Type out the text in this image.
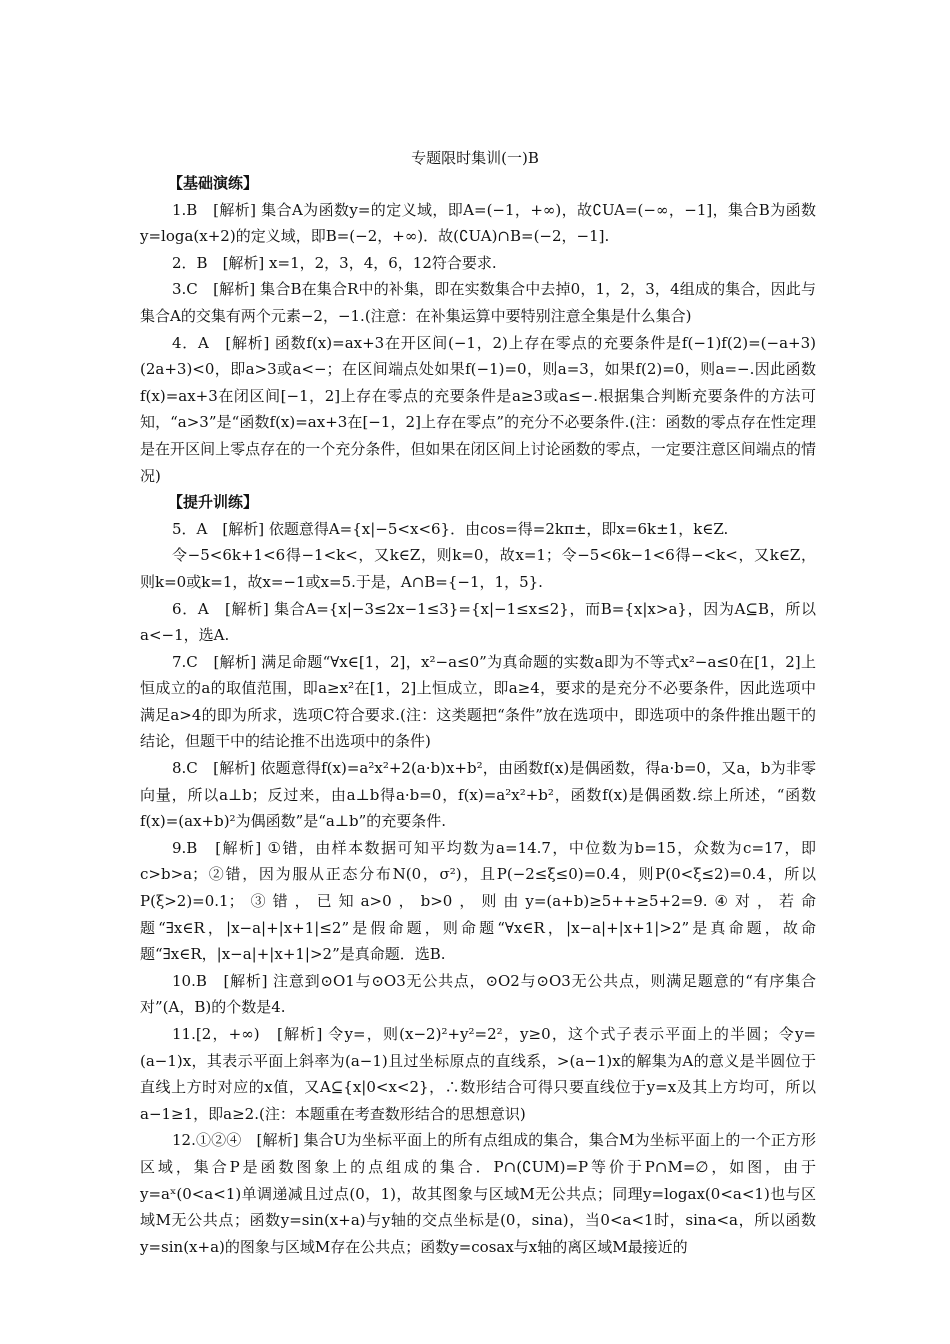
专题限时集训(一)B

【基础演练】

1.B　[解析] 集合A为函数y=的定义域，即A=(−1，+∞)，故∁UA=(−∞，−1]，集合B为函数y=loga(x+2)的定义域，即B=(−2，+∞)．故(∁UA)∩B=(−2，−1].

2．B　[解析] x=1，2，3，4，6，12符合要求.

3.C　[解析] 集合B在集合R中的补集，即在实数集合中去掉0，1，2，3，4组成的集合，因此与集合A的交集有两个元素−2，−1.(注意：在补集运算中要特别注意全集是什么集合)

4．A　[解析] 函数f(x)=ax+3在开区间(−1，2)上存在零点的充要条件是f(−1)f(2)=(−a+3)(2a+3)<0，即a>3或a<−；在区间端点处如果f(−1)=0，则a=3，如果f(2)=0，则a=−.因此函数f(x)=ax+3在闭区间[−1，2]上存在零点的充要条件是a≥3或a≤−.根据集合判断充要条件的方法可知，“a>3”是“函数f(x)=ax+3在[−1，2]上存在零点”的充分不必要条件.(注：函数的零点存在性定理是在开区间上零点存在的一个充分条件，但如果在闭区间上讨论函数的零点，一定要注意区间端点的情况)

【提升训练】

5．A　[解析] 依题意得A={x|−5<x<6}．由cos=得=2kπ±，即x=6k±1，k∈Z.

令−5<6k+1<6得−1<k<，又k∈Z，则k=0，故x=1；令−5<6k−1<6得−<k<，又k∈Z，则k=0或k=1，故x=−1或x=5.于是，A∩B={−1，1，5}.

6．A　[解析] 集合A={x|−3≤2x−1≤3}={x|−1≤x≤2}，而B={x|x>a}，因为A⊆B，所以a<−1，选A.

7.C　[解析] 满足命题“∀x∈[1，2]，x²−a≤0”为真命题的实数a即为不等式x²−a≤0在[1，2]上恒成立的a的取值范围，即a≥x²在[1，2]上恒成立，即a≥4，要求的是充分不必要条件，因此选项中满足a>4的即为所求，选项C符合要求.(注：这类题把“条件”放在选项中，即选项中的条件推出题干的结论，但题干中的结论推不出选项中的条件)

8.C　[解析] 依题意得f(x)=a²x²+2(a·b)x+b²，由函数f(x)是偶函数，得a·b=0，又a，b为非零向量，所以a⊥b；反过来，由a⊥b得a·b=0，f(x)=a²x²+b²，函数f(x)是偶函数.综上所述，“函数f(x)=(ax+b)²为偶函数”是“a⊥b”的充要条件.

9.B　[解析] ①错，由样本数据可知平均数为a=14.7，中位数为b=15，众数为c=17，即c>b>a；②错，因为服从正态分布N(0，σ²)，且P(−2≤ξ≤0)=0.4，则P(0<ξ≤2)=0.4，所以P(ξ>2)=0.1；③错，已知a>0，b>0，则由y=(a+b)≥5++≥5+2=9.④对，若命题“∃x∈R，|x−a|+|x+1|≤2”是假命题，则命题“∀x∈R，|x−a|+|x+1|>2”是真命题，故命题“∃x∈R，|x−a|+|x+1|>2”是真命题．选B.

10.B　[解析] 注意到⊙O1与⊙O3无公共点，⊙O2与⊙O3无公共点，则满足题意的“有序集合对”(A，B)的个数是4.

11.[2，+∞)　[解析] 令y=，则(x−2)²+y²=2²，y≥0，这个式子表示平面上的半圆；令y=(a−1)x，其表示平面上斜率为(a−1)且过坐标原点的直线系，>(a−1)x的解集为A的意义是半圆位于直线上方时对应的x值，又A⊆{x|0<x<2}，∴数形结合可得只要直线位于y=x及其上方均可，所以a−1≥1，即a≥2.(注：本题重在考查数形结合的思想意识)

12.①②④　[解析] 集合U为坐标平面上的所有点组成的集合，集合M为坐标平面上的一个正方形区域，集合P是函数图象上的点组成的集合．P∩(∁UM)=P等价于P∩M=∅，如图，由于y=aˣ(0<a<1)单调递减且过点(0，1)，故其图象与区域M无公共点；同理y=logax(0<a<1)也与区域M无公共点；函数y=sin(x+a)与y轴的交点坐标是(0，sina)，当0<a<1时，sina<a，所以函数y=sin(x+a)的图象与区域M存在公共点；函数y=cosax与x轴的离区域M最接近的
